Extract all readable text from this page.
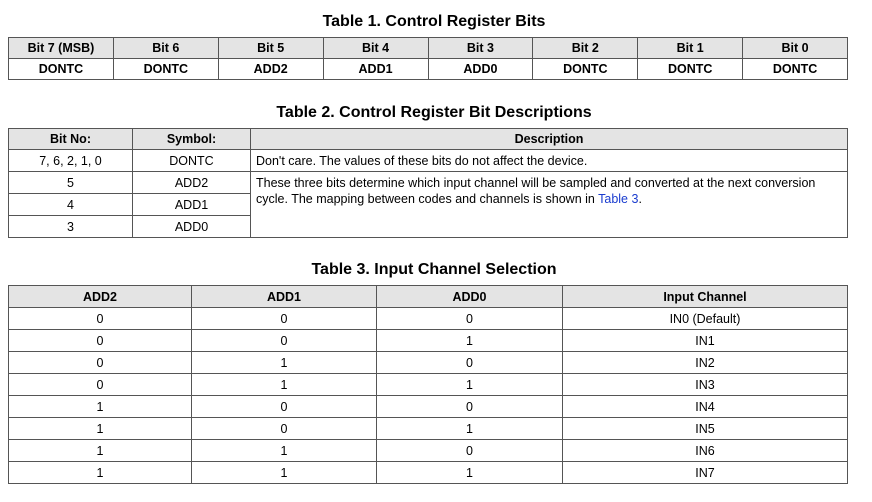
Table 1. Control Register Bits
Bit 7 (MSB)	Bit 6	Bit 5	Bit 4	Bit 3	Bit 2	Bit 1	Bit 0
DONTC	DONTC	ADD2	ADD1	ADD0	DONTC	DONTC	DONTC
Table 2. Control Register Bit Descriptions
Bit No:	Symbol:	Description
7, 6, 2, 1, 0	DONTC	Don't care. The values of these bits do not affect the device.
5	ADD2	These three bits determine which input channel will be sampled and converted at the next conversion cycle. The mapping between codes and channels is shown in Table 3.
4	ADD1	
3	ADD0	
Table 3. Input Channel Selection
ADD2	ADD1	ADD0	Input Channel
0	0	0	IN0 (Default)
0	0	1	IN1
0	1	0	IN2
0	1	1	IN3
1	0	0	IN4
1	0	1	IN5
1	1	0	IN6
1	1	1	IN7
